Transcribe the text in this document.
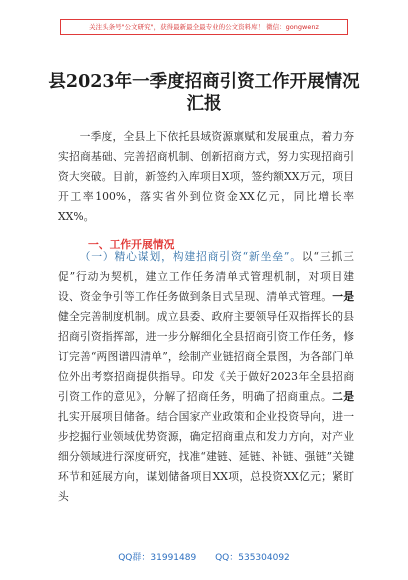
关注头条号"公文研究"，获得最新最全最专业的公文资料库！ 微信：gongwenz
县2023年一季度招商引资工作开展情况
汇报

一季度，全县上下依托县域资源禀赋和发展重点，着力夯实招商基础、完善招商机制、创新招商方式，努力实现招商引资大突破。目前，新签约入库项目X项，签约额XX万元，项目开工率100%，落实省外到位资金XX亿元，同比增长率XX%。

一、工作开展情况

（一）精心谋划，构建招商引资“新坐垒”。以“三抓三促”行动为契机，建立工作任务清单式管理机制，对项目建设、资金争引等工作任务做到条目式呈现、清单式管理。一是健全完善制度机制。成立县委、政府主要领导任双指挥长的县招商引资指挥部，进一步分解细化全县招商引资工作任务，修订完善“两图谱四清单”，绘制产业链招商全景图，为各部门单位外出考察招商提供指导。印发《关于做好2023年全县招商引资工作的意见》，分解了招商任务，明确了招商重点。二是扎实开展项目储备。结合国家产业政策和企业投资导向，进一步挖掘行业领域优势资源，确定招商重点和发力方向，对产业细分领域进行深度研究，找准“建链、延链、补链、强链”关键环节和延展方向，谋划储备项目XX项，总投资XX亿元；紧盯头

QQ群：31991489 QQ：535304092
